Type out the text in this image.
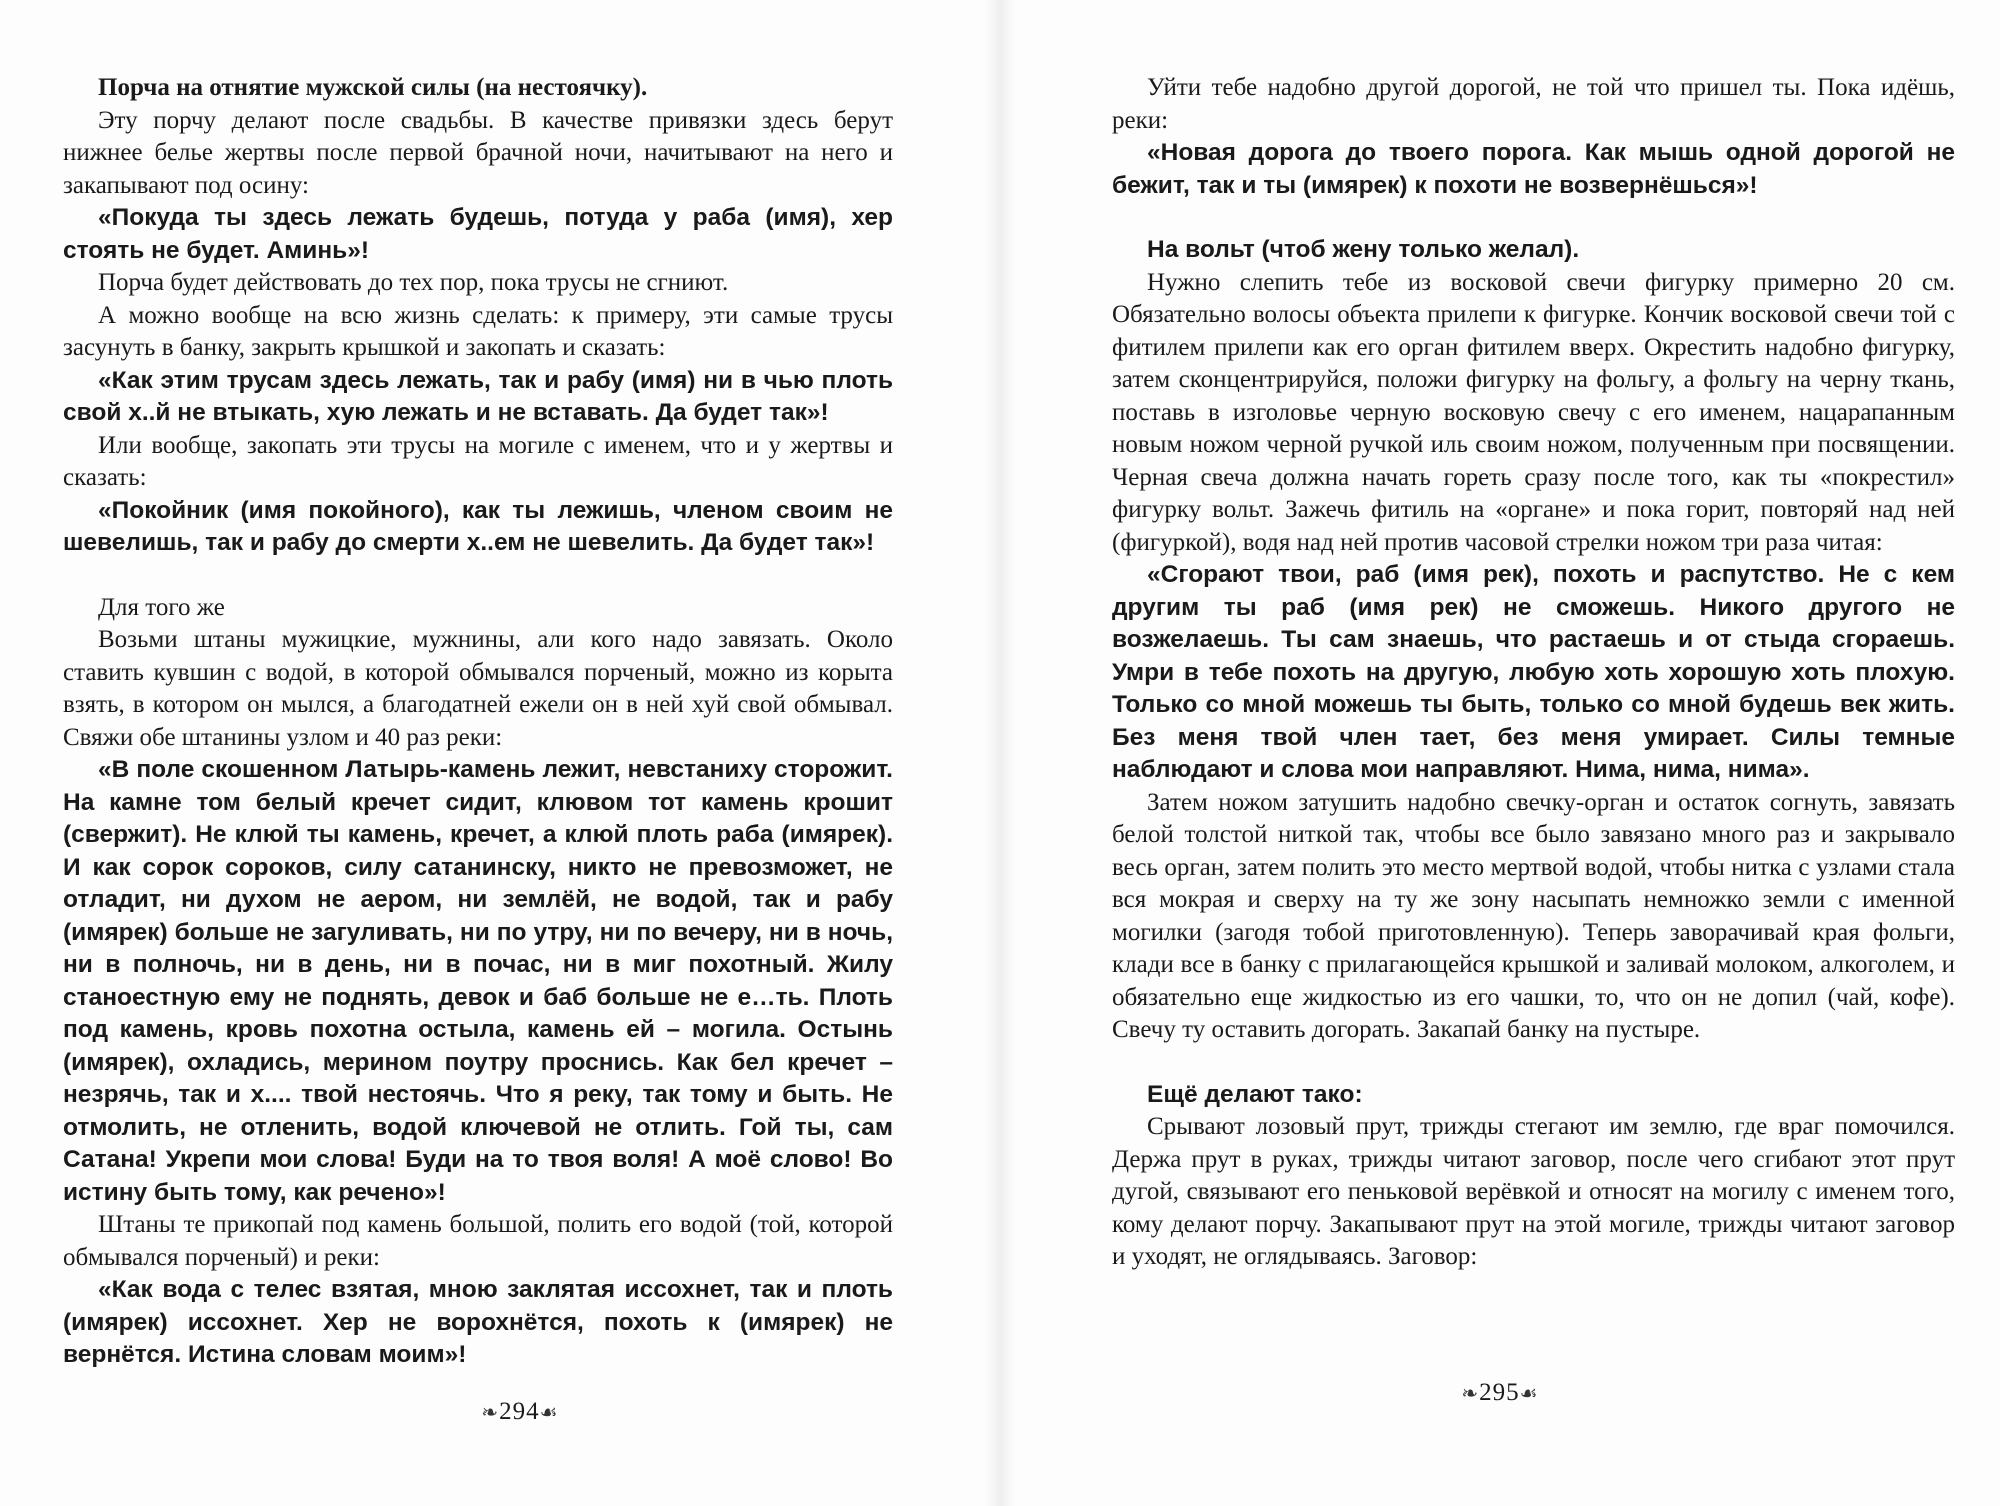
Порча на отнятие мужской силы (на нестоячку).

Эту порчу делают после свадьбы. В качестве привязки здесь берут нижнее белье жертвы после первой брачной ночи, начитывают на него и закапывают под осину:

«Покуда ты здесь лежать будешь, потуда у раба (имя), хер стоять не будет. Аминь»!

Порча будет действовать до тех пор, пока трусы не сгниют.

А можно вообще на всю жизнь сделать: к примеру, эти самые трусы засунуть в банку, закрыть крышкой и закопать и сказать:

«Как этим трусам здесь лежать, так и рабу (имя) ни в чью плоть свой х..й не втыкать, хую лежать и не вставать. Да будет так»!

Или вообще, закопать эти трусы на могиле с именем, что и у жертвы и сказать:

«Покойник (имя покойного), как ты лежишь, членом своим не шевелишь, так и рабу до смерти х..ем не шевелить. Да будет так»!

Для того же

Возьми штаны мужицкие, мужнины, али кого надо завязать. Около ставить кувшин с водой, в которой обмывался порченый, можно из корыта взять, в котором он мылся, а благодатней ежели он в ней хуй свой обмывал. Свяжи обе штанины узлом и 40 раз реки:

«В поле скошенном Латырь-камень лежит, невстаниху сторожит. На камне том белый кречет сидит, клювом тот камень крошит (свержит). Не клюй ты камень, кречет, а клюй плоть раба (имярек). И как сорок сороков, силу сатанинску, никто не превозможет, не отладит, ни духом не аером, ни землёй, не водой, так и рабу (имярек) больше не загуливать, ни по утру, ни по вечеру, ни в ночь, ни в полночь, ни в день, ни в почас, ни в миг похотный. Жилу станоестную ему не поднять, девок и баб больше не е…ть. Плоть под камень, кровь похотна остыла, камень ей – могила. Остынь (имярек), охладись, мерином поутру проснись. Как бел кречет – незрячь, так и х.... твой нестоячь. Что я реку, так тому и быть. Не отмолить, не отленить, водой ключевой не отлить. Гой ты, сам Сатана! Укрепи мои слова! Буди на то твоя воля! А моё слово! Во истину быть тому, как речено»!

Штаны те прикопай под камень большой, полить его водой (той, которой обмывался порченый) и реки:

«Как вода с телес взятая, мною заклятая иссохнет, так и плоть (имярек) иссохнет. Хер не ворохнётся, похоть к (имярек) не вернётся. Истина словам моим»!

❧294☙

Уйти тебе надобно другой дорогой, не той что пришел ты. Пока идёшь, реки:

«Новая дорога до твоего порога. Как мышь одной дорогой не бежит, так и ты (имярек) к похоти не возвернёшься»!

На вольт (чтоб жену только желал).

Нужно слепить тебе из восковой свечи фигурку примерно 20 см. Обязательно волосы объекта прилепи к фигурке. Кончик восковой свечи той с фитилем прилепи как его орган фитилем вверх. Окрестить надобно фигурку, затем сконцентрируйся, положи фигурку на фольгу, а фольгу на черну ткань, поставь в изголовье черную восковую свечу с его именем, нацарапанным новым ножом черной ручкой иль своим ножом, полученным при посвящении. Черная свеча должна начать гореть сразу после того, как ты «покрестил» фигурку вольт. Зажечь фитиль на «органе» и пока горит, повторяй над ней (фигуркой), водя над ней против часовой стрелки ножом три раза читая:

«Сгорают твои, раб (имя рек), похоть и распутство. Не с кем другим ты раб (имя рек) не сможешь. Никого другого не возжелаешь. Ты сам знаешь, что растаешь и от стыда сгораешь. Умри в тебе похоть на другую, любую хоть хорошую хоть плохую. Только со мной можешь ты быть, только со мной будешь век жить. Без меня твой член тает, без меня умирает. Силы темные наблюдают и слова мои направляют. Нима, нима, нима».

Затем ножом затушить надобно свечку-орган и остаток согнуть, завязать белой толстой ниткой так, чтобы все было завязано много раз и закрывало весь орган, затем полить это место мертвой водой, чтобы нитка с узлами стала вся мокрая и сверху на ту же зону насыпать немножко земли с именной могилки (загодя тобой приготовленную). Теперь заворачивай края фольги, клади все в банку с прилагающейся крышкой и заливай молоком, алкоголем, и обязательно еще жидкостью из его чашки, то, что он не допил (чай, кофе). Свечу ту оставить догорать. Закапай банку на пустыре.

Ещё делают тако:

Срывают лозовый прут, трижды стегают им землю, где враг помочился. Держа прут в руках, трижды читают заговор, после чего сгибают этот прут дугой, связывают его пеньковой верёвкой и относят на могилу с именем того, кому делают порчу. Закапывают прут на этой могиле, трижды читают заговор и уходят, не оглядываясь. Заговор:

❧295☙
